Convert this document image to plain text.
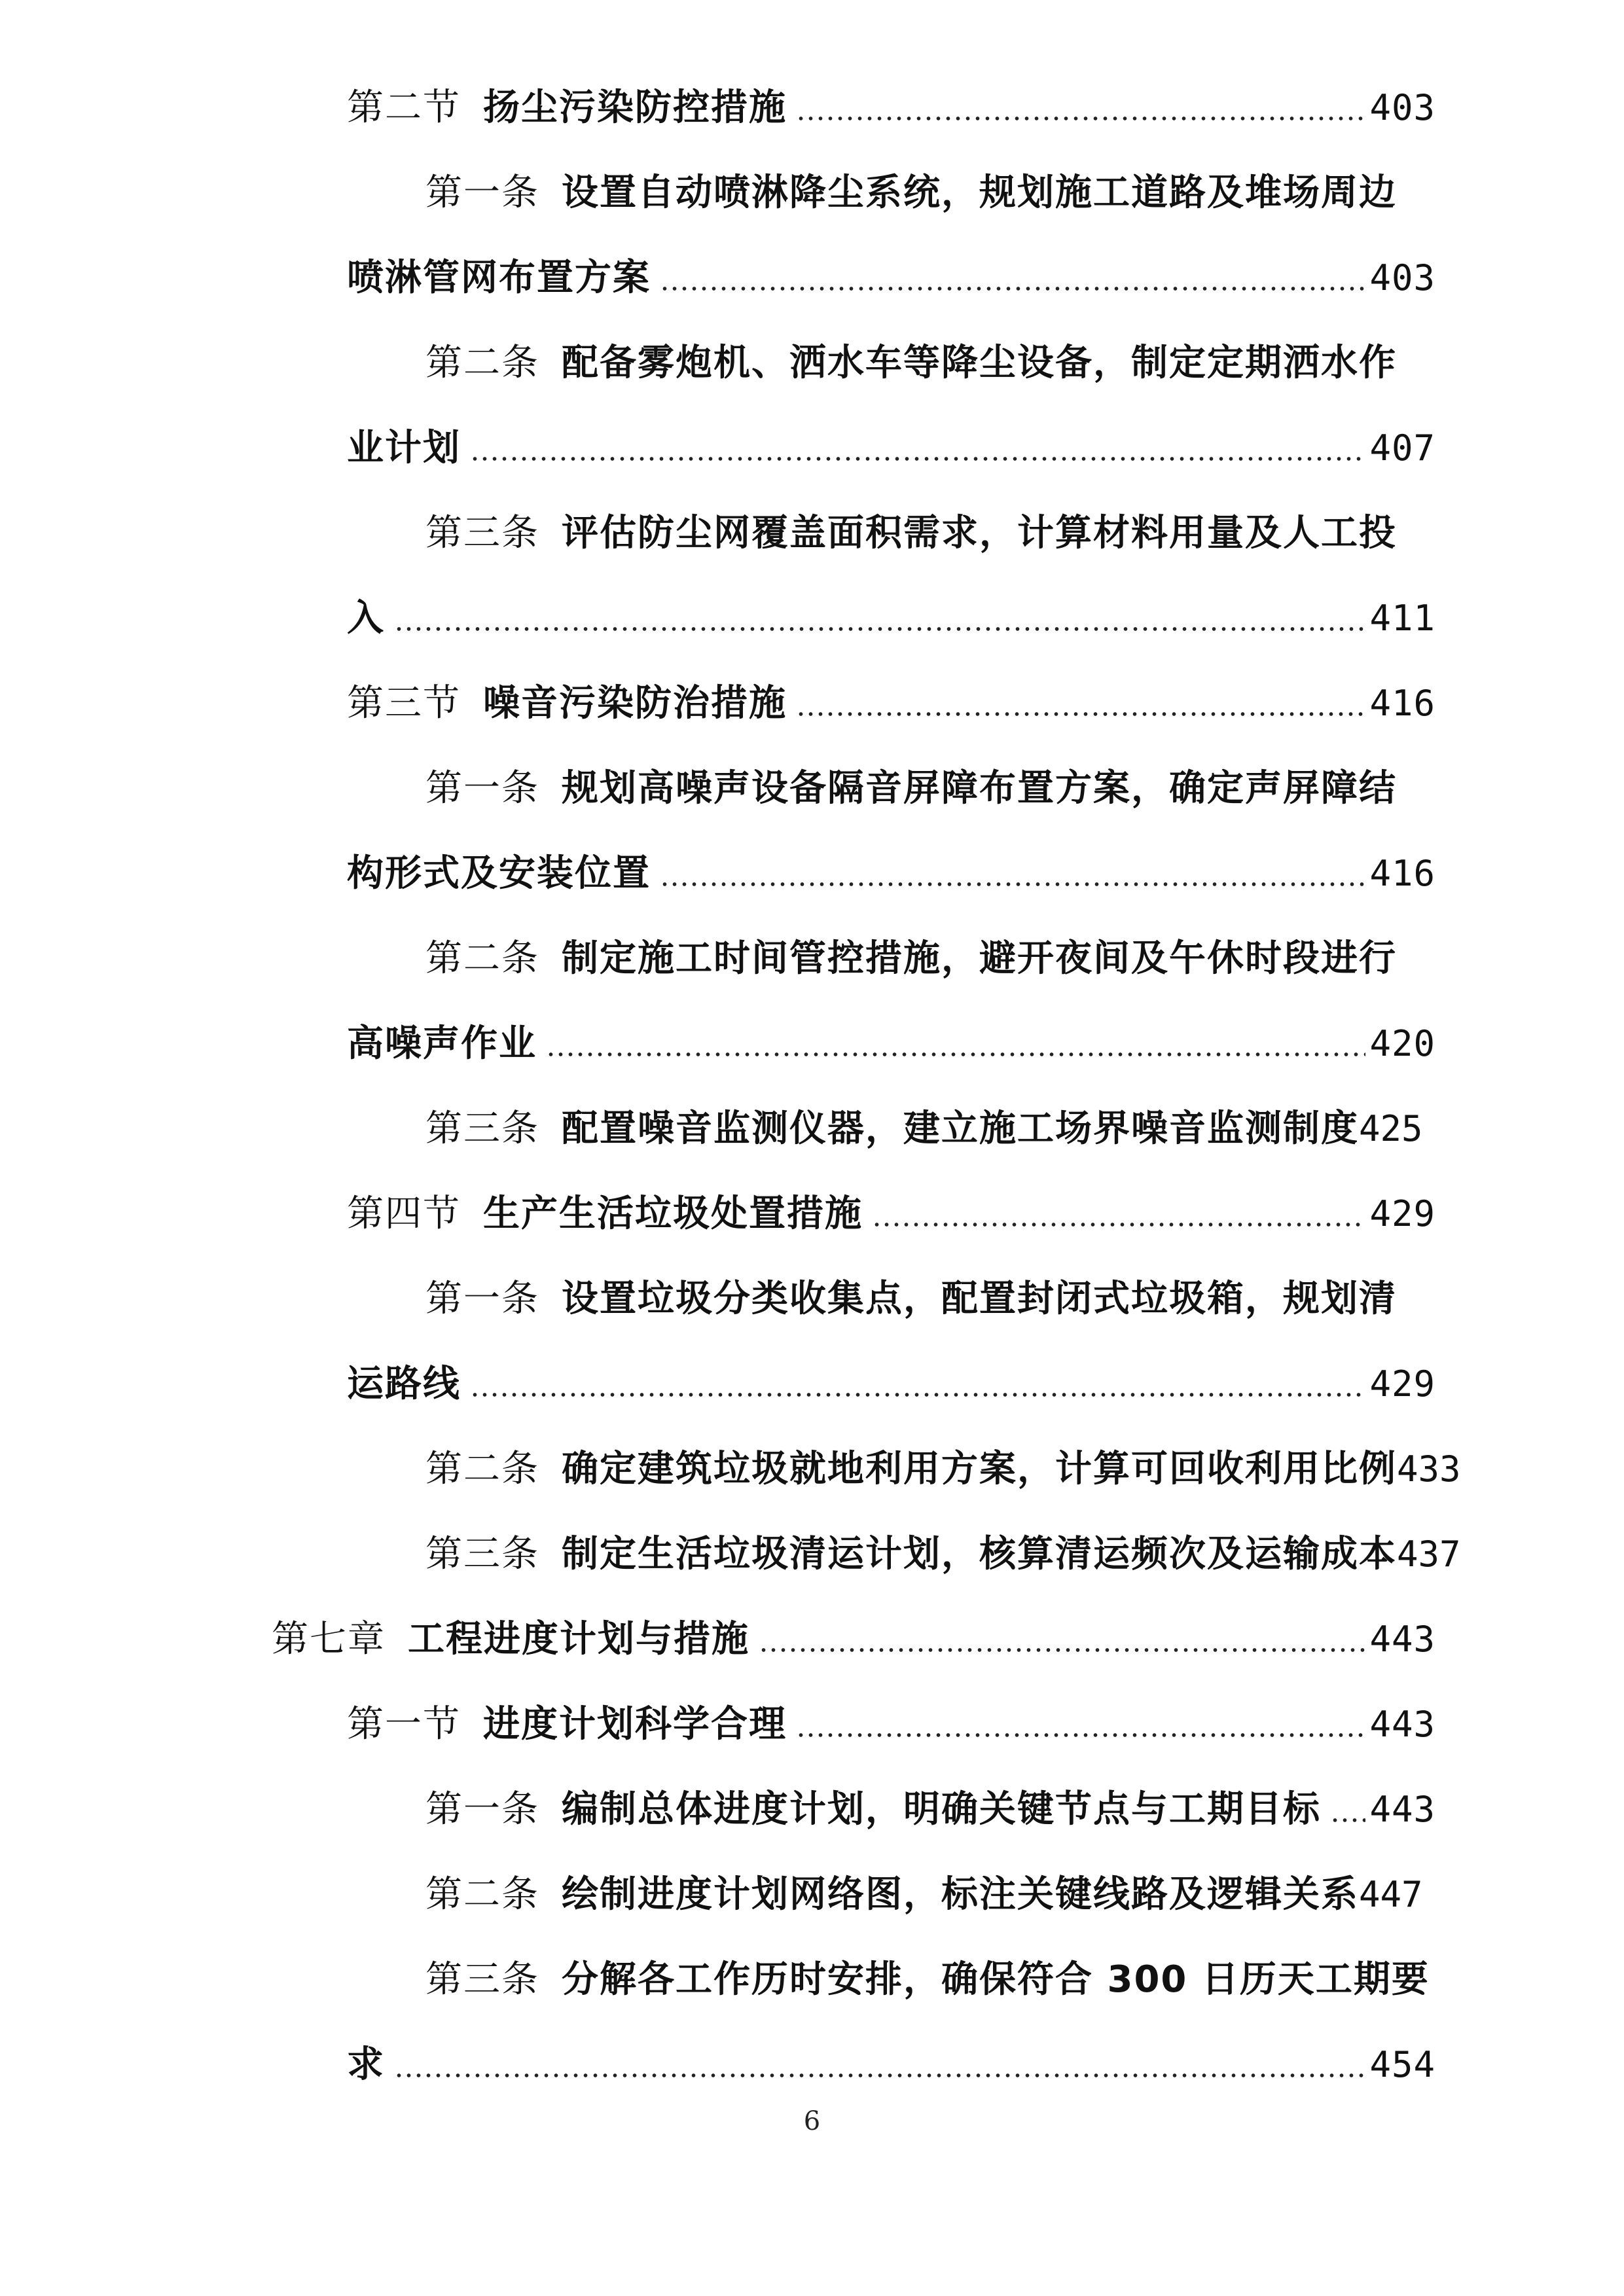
第二节 扬尘污染防控措施	403
第一条 设置自动喷淋降尘系统，规划施工道路及堆场周边
喷淋管网布置方案	403
第二条 配备雾炮机、洒水车等降尘设备，制定定期洒水作
业计划	407
第三条 评估防尘网覆盖面积需求，计算材料用量及人工投
入	411
第三节 噪音污染防治措施	416
第一条 规划高噪声设备隔音屏障布置方案，确定声屏障结
构形式及安装位置	416
第二条 制定施工时间管控措施，避开夜间及午休时段进行
高噪声作业	420
第三条 配置噪音监测仪器，建立施工场界噪音监测制度 425
第四节 生产生活垃圾处置措施	429
第一条 设置垃圾分类收集点，配置封闭式垃圾箱，规划清
运路线	429
第二条 确定建筑垃圾就地利用方案，计算可回收利用比例 433
第三条 制定生活垃圾清运计划，核算清运频次及运输成本 437
第七章 工程进度计划与措施	443
第一节 进度计划科学合理	443
第一条 编制总体进度计划，明确关键节点与工期目标 443
第二条 绘制进度计划网络图，标注关键线路及逻辑关系 447
第三条 分解各工作历时安排，确保符合 300 日历天工期要
求	454
6
